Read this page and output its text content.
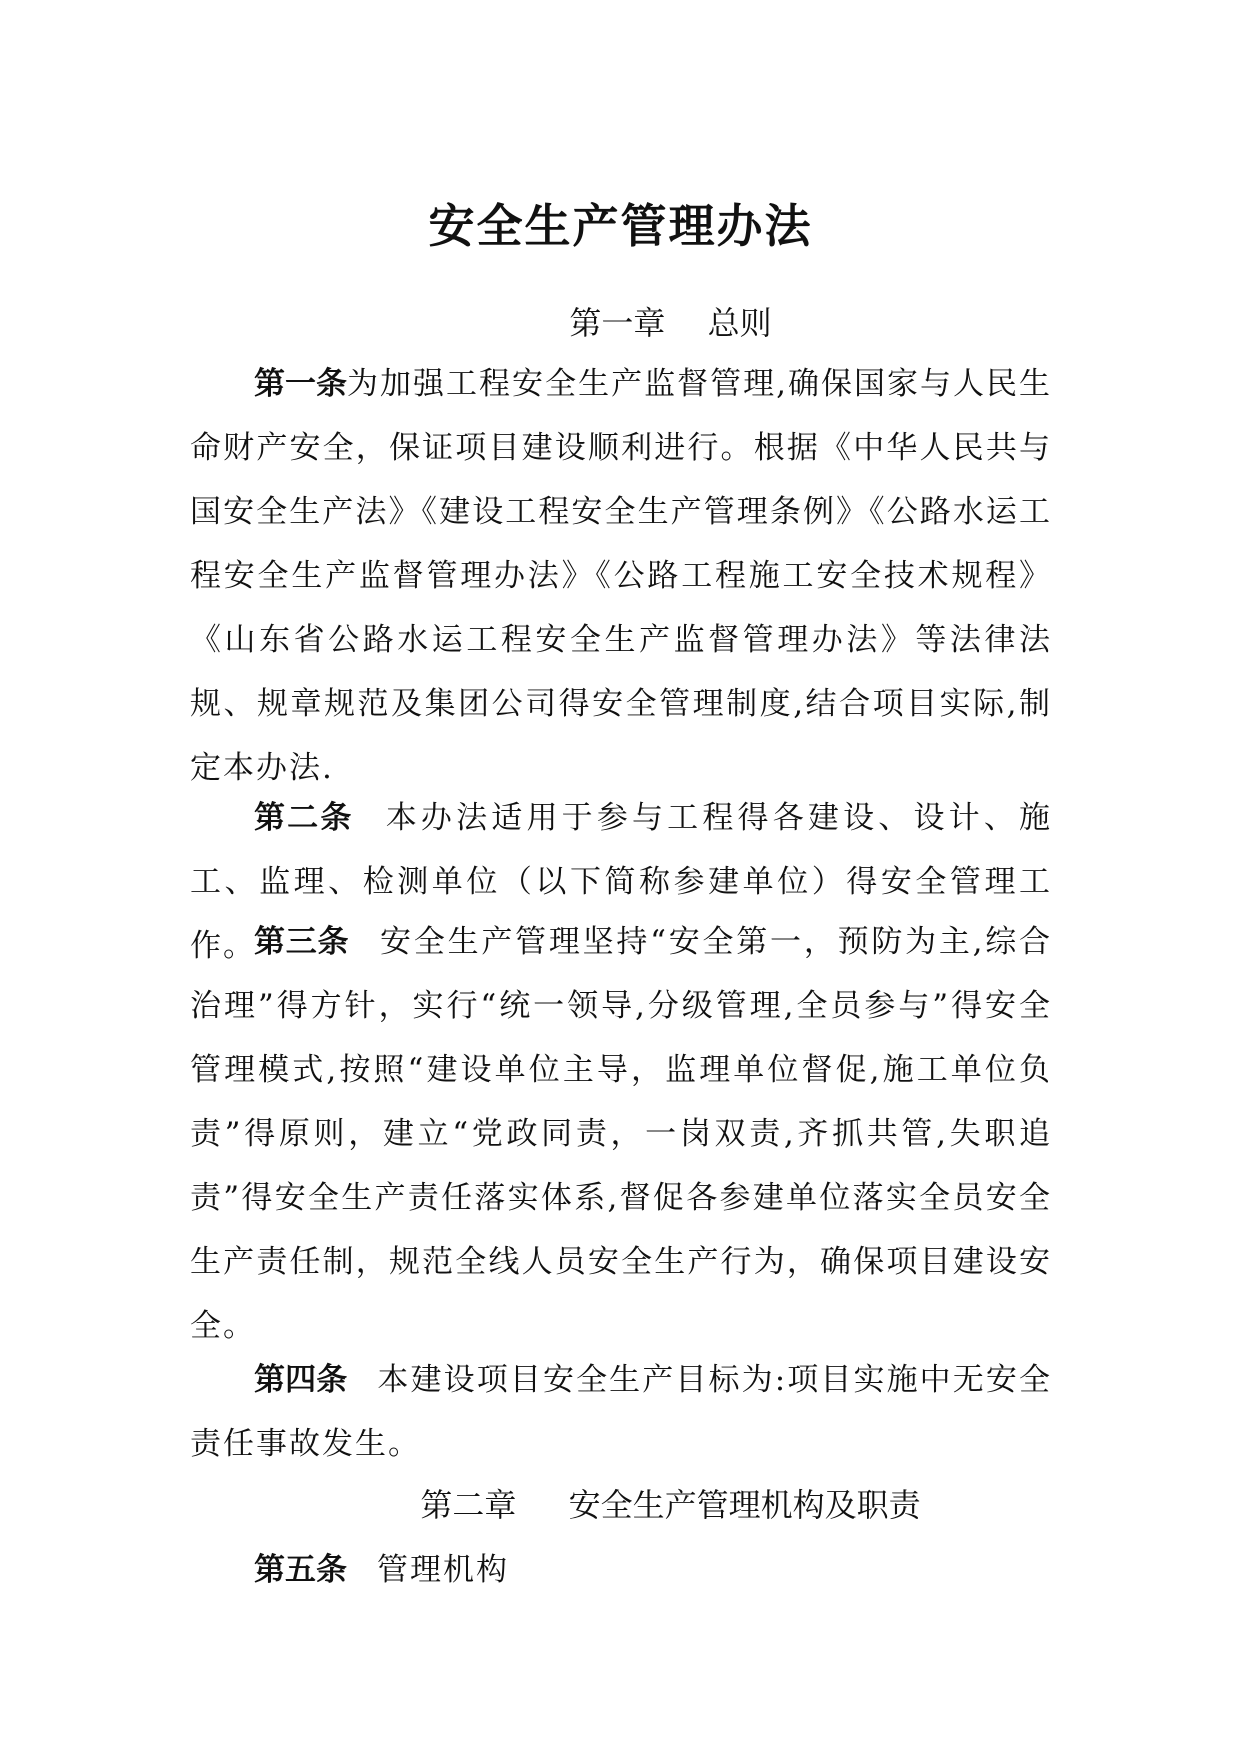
安全生产管理办法
第一章　 总则

第一条为加强工程安全生产监督管理,确保国家与人民生命财产安全，保证项目建设顺利进行。根据《中华人民共与国安全生产法》《建设工程安全生产管理条例》《公路水运工程安全生产监督管理办法》《公路工程施工安全技术规程》《山东省公路水运工程安全生产监督管理办法》等法律法规、规章规范及集团公司得安全管理制度,结合项目实际,制定本办法.

第二条 本办法适用于参与工程得各建设、设计、施工、监理、检测单位（以下简称参建单位）得安全管理工作。

第三条 安全生产管理坚持“安全第一，预防为主,综合治理”得方针，实行“统一领导,分级管理,全员参与”得安全管理模式,按照“建设单位主导，监理单位督促,施工单位负责”得原则，建立“党政同责，一岗双责,齐抓共管,失职追责”得安全生产责任落实体系,督促各参建单位落实全员安全生产责任制，规范全线人员安全生产行为，确保项目建设安全。

第四条 本建设项目安全生产目标为:项目实施中无安全责任事故发生。

第二章　  安全生产管理机构及职责

第五条 管理机构
